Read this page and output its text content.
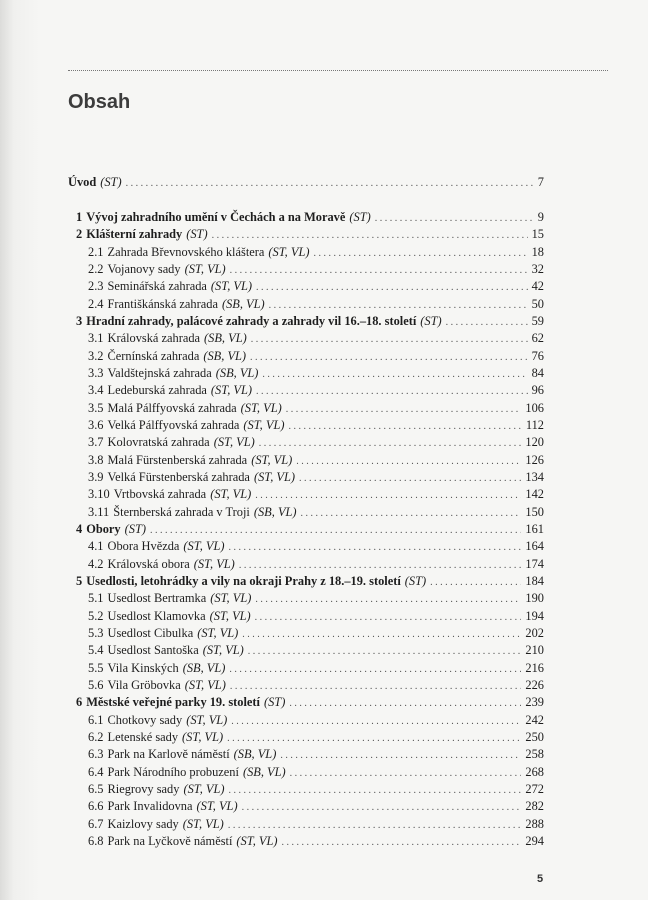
Obsah
Úvod (ST) . . .	7
1 Vývoj zahradního umění v Čechách a na Moravě (ST) . . .	9
2 Klášterní zahrady (ST) . . .	15
2.1 Zahrada Břevnovského kláštera (ST, VL) . . .	18
2.2 Vojanovy sady (ST, VL) . . .	32
2.3 Seminářská zahrada (ST, VL) . . .	42
2.4 Františkánská zahrada (SB, VL) . . .	50
3 Hradní zahrady, palácové zahrady a zahrady vil 16.–18. století (ST) . . .	59
3.1 Královská zahrada (SB, VL) . . .	62
3.2 Černínská zahrada (SB, VL) . . .	76
3.3 Valdštejnská zahrada (SB, VL) . . .	84
3.4 Ledeburská zahrada (ST, VL) . . .	96
3.5 Malá Pálffyovská zahrada (ST, VL) . . .	106
3.6 Velká Pálffyovská zahrada (ST, VL) . . .	112
3.7 Kolovratská zahrada (ST, VL) . . .	120
3.8 Malá Fürstenberská zahrada (ST, VL) . . .	126
3.9 Velká Fürstenberská zahrada (ST, VL) . . .	134
3.10 Vrtbovská zahrada (ST, VL) . . .	142
3.11 Šternberská zahrada v Troji (SB, VL) . . .	150
4 Obory (ST) . . .	161
4.1 Obora Hvězda (ST, VL) . . .	164
4.2 Královská obora (ST, VL) . . .	174
5 Usedlosti, letohrádky a vily na okraji Prahy z 18.–19. století (ST) . . .	184
5.1 Usedlost Bertramka (ST, VL) . . .	190
5.2 Usedlost Klamovka (ST, VL) . . .	194
5.3 Usedlost Cibulka (ST, VL) . . .	202
5.4 Usedlost Santoška (ST, VL) . . .	210
5.5 Vila Kinských (SB, VL) . . .	216
5.6 Vila Gröbovka (ST, VL) . . .	226
6 Městské veřejné parky 19. století (ST) . . .	239
6.1 Chotkovy sady (ST, VL) . . .	242
6.2 Letenské sady (ST, VL) . . .	250
6.3 Park na Karlově náměstí (SB, VL) . . .	258
6.4 Park Národního probuzení (SB, VL) . . .	268
6.5 Riegrovy sady (ST, VL) . . .	272
6.6 Park Invalidovna (ST, VL) . . .	282
6.7 Kaizlovy sady (ST, VL) . . .	288
6.8 Park na Lyčkově náměstí (ST, VL) . . .	294
5
